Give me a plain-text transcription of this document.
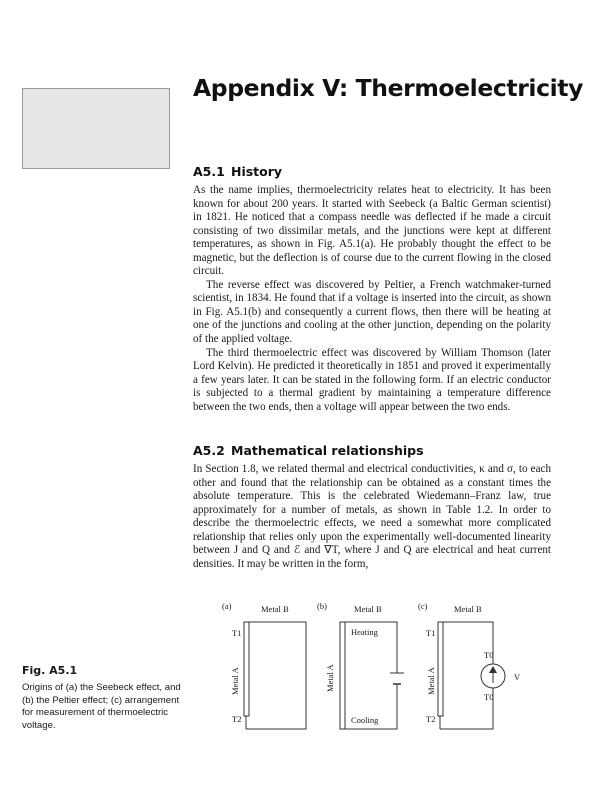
Appendix V: Thermoelectricity
A5.1 History

As the name implies, thermoelectricity relates heat to electricity. It has been known for about 200 years. It started with Seebeck (a Baltic German scientist) in 1821. He noticed that a compass needle was deflected if he made a circuit consisting of two dissimilar metals, and the junctions were kept at different temperatures, as shown in Fig. A5.1(a). He probably thought the effect to be magnetic, but the deflection is of course due to the current flowing in the closed circuit.

The reverse effect was discovered by Peltier, a French watchmaker-turned scientist, in 1834. He found that if a voltage is inserted into the circuit, as shown in Fig. A5.1(b) and consequently a current flows, then there will be heating at one of the junctions and cooling at the other junction, depending on the polarity of the applied voltage.

The third thermoelectric effect was discovered by William Thomson (later Lord Kelvin). He predicted it theoretically in 1851 and proved it experimentally a few years later. It can be stated in the following form. If an electric conductor is subjected to a thermal gradient by maintaining a temperature difference between the two ends, then a voltage will appear between the two ends.

A5.2 Mathematical relationships

In Section 1.8, we related thermal and electrical conductivities, κ and σ, to each other and found that the relationship can be obtained as a constant times the absolute temperature. This is the celebrated Wiedemann–Franz law, true approximately for a number of metals, as shown in Table 1.2. In order to describe the thermoelectric effects, we need a somewhat more complicated relationship that relies only upon the experimentally well-documented linearity between J and Q and ℰ and ∇T, where J and Q are electrical and heat current densities. It may be written in the form,

(a)	Metal B
T1
T2
Metal A
(b)	Metal B
Heating
Cooling
Metal A
(c)	Metal B
T1
T2
T0
T0
V
Metal A

Fig. A5.1

Origins of (a) the Seebeck effect, and (b) the Peltier effect; (c) arrangement for measurement of thermoelectric voltage.
